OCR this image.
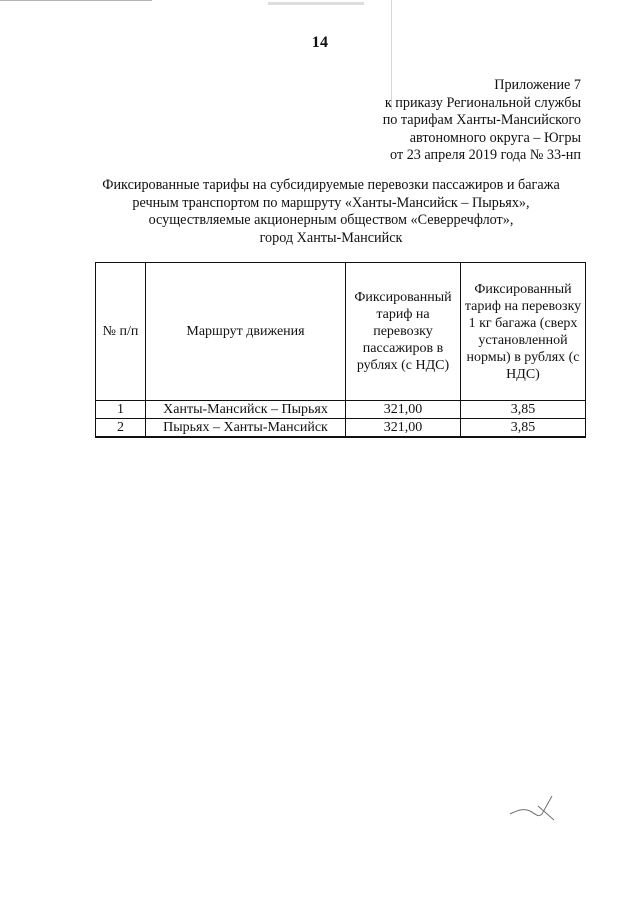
14
Приложение 7
к приказу Региональной службы
по тарифам Ханты-Мансийского
автономного округа – Югры
от 23 апреля 2019 года № 33-нп
Фиксированные тарифы на субсидируемые перевозки пассажиров и багажа
речным транспортом по маршруту «Ханты-Мансийск – Пырьях»,
осуществляемые акционерным обществом «Северречфлот»,
город Ханты-Мансийск
№ п/п	Маршрут движения	Фиксированный тариф на перевозку пассажиров в рублях (с НДС)	Фиксированный тариф на перевозку 1 кг багажа (сверх установленной нормы) в рублях (с НДС)
1	Ханты-Мансийск – Пырьях	321,00	3,85
2	Пырьях – Ханты-Мансийск	321,00	3,85
